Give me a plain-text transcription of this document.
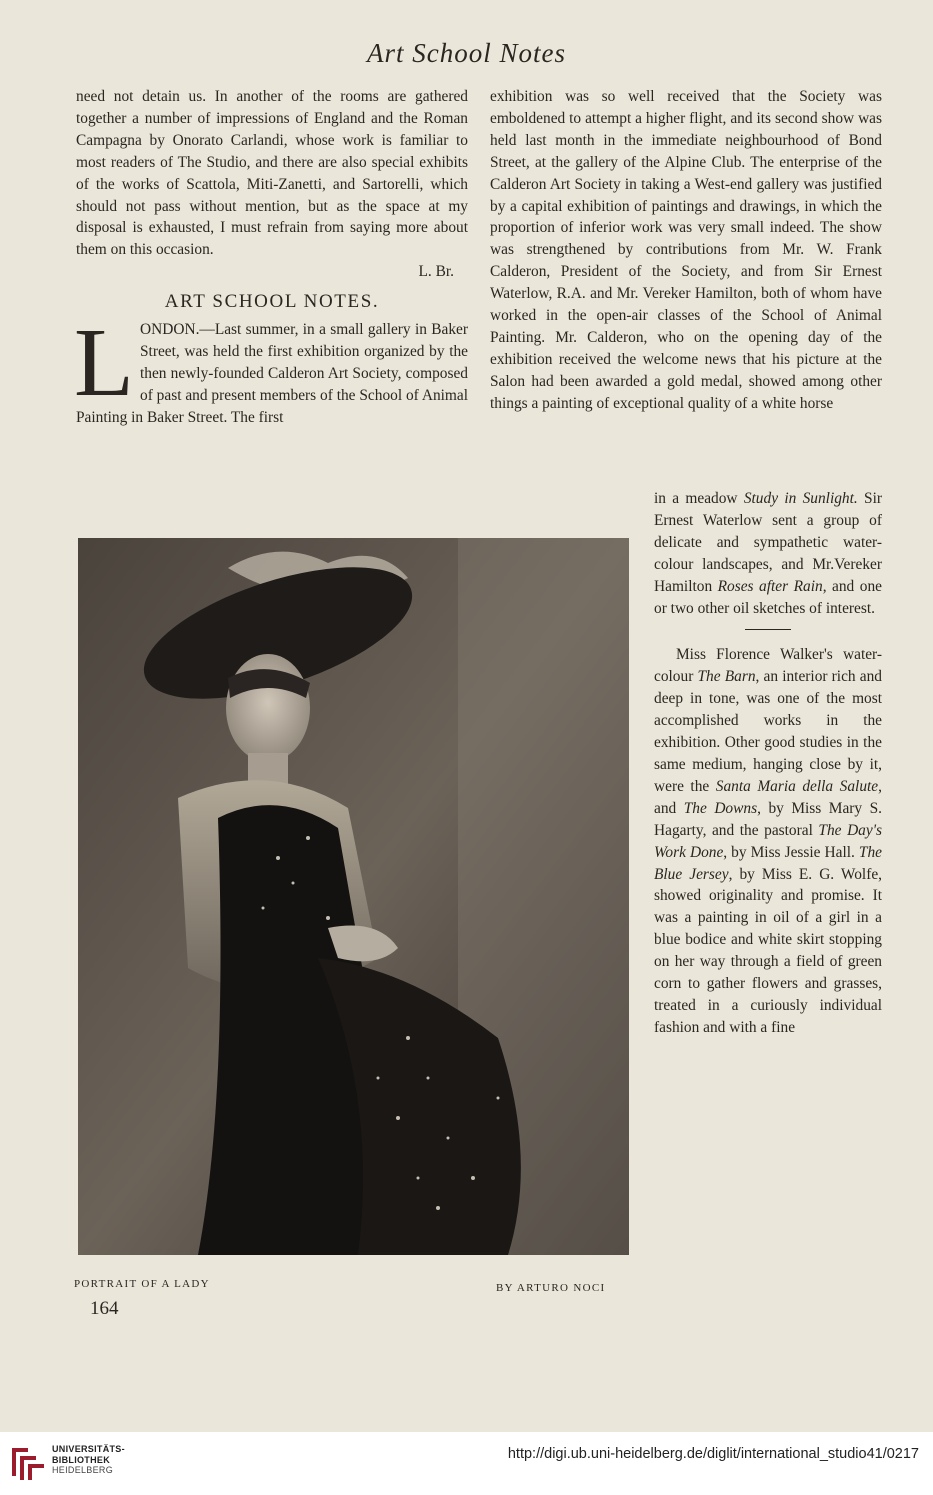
Art School Notes

need not detain us. In another of the rooms are gathered together a number of impressions of England and the Roman Campagna by Onorato Carlandi, whose work is familiar to most readers of The Studio, and there are also special exhibits of the works of Scattola, Miti-Zanetti, and Sartorelli, which should not pass without mention, but as the space at my disposal is exhausted, I must refrain from saying more about them on this occasion.

L. Br.

ART SCHOOL NOTES.
L ONDON.—Last summer, in a small gallery in Baker Street, was held the first exhibition organized by the then newly-founded Calderon Art Society, composed of past and present members of the School of Animal Painting in Baker Street. The first

exhibition was so well received that the Society was emboldened to attempt a higher flight, and its second show was held last month in the immediate neighbourhood of Bond Street, at the gallery of the Alpine Club. The enterprise of the Calderon Art Society in taking a West-end gallery was justified by a capital exhibition of paintings and drawings, in which the proportion of inferior work was very small indeed. The show was strengthened by contributions from Mr. W. Frank Calderon, President of the Society, and from Sir Ernest Waterlow, R.A. and Mr. Vereker Hamilton, both of whom have worked in the open-air classes of the School of Animal Painting. Mr. Calderon, who on the opening day of the exhibition received the welcome news that his picture at the Salon had been awarded a gold medal, showed among other things a painting of exceptional quality of a white horse

in a meadow Study in Sunlight. Sir Ernest Waterlow sent a group of delicate and sympathetic water-colour landscapes, and Mr.Vereker Hamilton Roses after Rain, and one or two other oil sketches of interest.

Miss Florence Walker's water-colour The Barn, an interior rich and deep in tone, was one of the most accomplished works in the exhibition. Other good studies in the same medium, hanging close by it, were the Santa Maria della Salute, and The Downs, by Miss Mary S. Hagarty, and the pastoral The Day's Work Done, by Miss Jessie Hall. The Blue Jersey, by Miss E. G. Wolfe, showed originality and promise. It was a painting in oil of a girl in a blue bodice and white skirt stopping on her way through a field of green corn to gather flowers and grasses, treated in a curiously individual fashion and with a fine

PORTRAIT OF A LADY	BY ARTURO NOCI
164
UNIVERSITÄTS-
BIBLIOTHEK
HEIDELBERG
http://digi.ub.uni-heidelberg.de/diglit/international_studio41/0217
